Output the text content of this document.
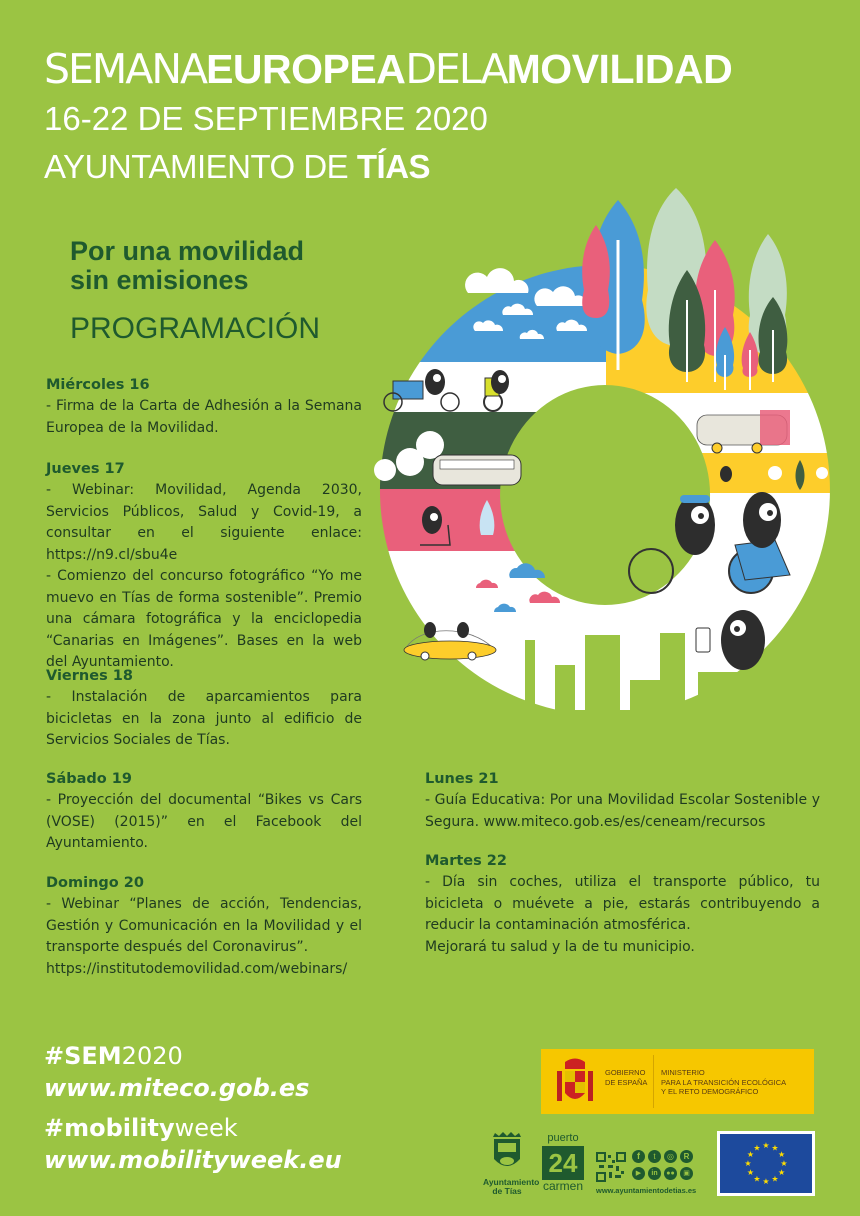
SEMANAEUROPEADELAMOVILIDAD
16-22 DE SEPTIEMBRE 2020
AYUNTAMIENTO DE TÍAS
Por una movilidad
sin emisiones
PROGRAMACIÓN
Miércoles 16

- Firma de la Carta de Adhesión a la Semana Europea de la Movilidad.

Jueves 17

- Webinar: Movilidad, Agenda 2030, Servicios Públicos, Salud y Covid-19, a consultar en el siguiente enlace: https://n9.cl/sbu4e

- Comienzo del concurso fotográfico “Yo me muevo en Tías de forma sostenible”. Premio una cámara fotográfica y la enciclopedia “Canarias en Imágenes”. Bases en la web del Ayuntamiento.

Viernes 18

- Instalación de aparcamientos para bicicletas en la zona junto al edificio de Servicios Sociales de Tías.

Sábado 19

- Proyección del documental “Bikes vs Cars (VOSE) (2015)” en el Facebook del Ayuntamiento.

Domingo 20

- Webinar “Planes de acción, Tendencias, Gestión y Comunicación en la Movilidad y el transporte después del Coronavirus”.

https://institutodemovilidad.com/webinars/

Lunes 21

- Guía Educativa: Por una Movilidad Escolar Sostenible y Segura. www.miteco.gob.es/es/ceneam/recursos

Martes 22

- Día sin coches, utiliza el transporte público, tu bicicleta o muévete a pie, estarás contribuyendo a reducir la contaminación atmosférica.

Mejorará tu salud y la de tu municipio.

#SEM2020
www.miteco.gob.es
#mobilityweek
www.mobilityweek.eu
GOBIERNO
DE ESPAÑA
MINISTERIO
PARA LA TRANSICIÓN ECOLÓGICA
Y EL RETO DEMOGRÁFICO
Ayuntamiento
de Tías
puerto
24
carmen
f	t	◎	R
▶	in	●●	▣
www.ayuntamientodetias.es
★ ★
★
★
★
★
★
★
★
★
★
★
